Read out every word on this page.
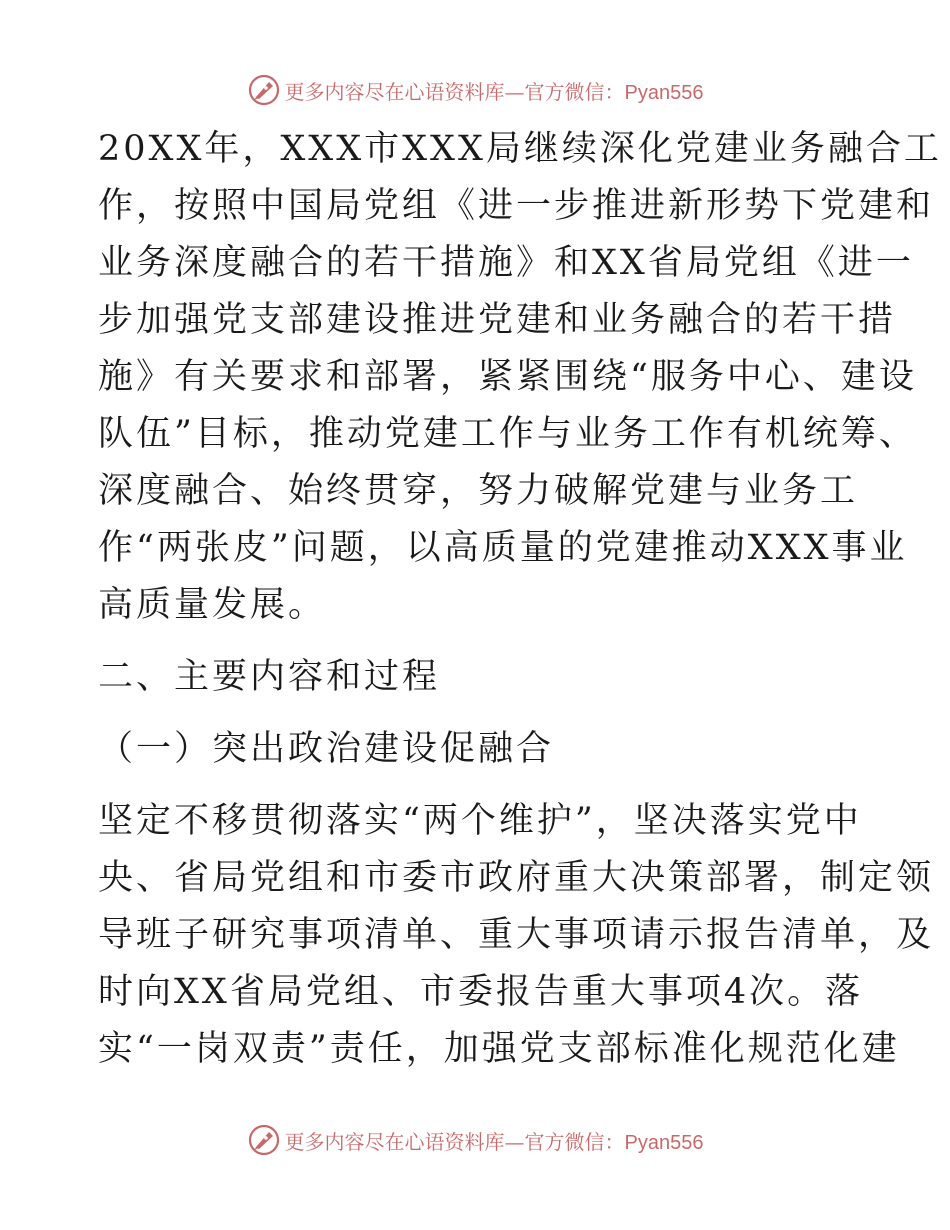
更多内容尽在心语资料库—官方微信：Pyan556
20XX年，XXX市XXX局继续深化党建业务融合工
作，按照中国局党组《进一步推进新形势下党建和
业务深度融合的若干措施》和XX省局党组《进一
步加强党支部建设推进党建和业务融合的若干措
施》有关要求和部署，紧紧围绕“服务中心、建设
队伍”目标，推动党建工作与业务工作有机统筹、
深度融合、始终贯穿，努力破解党建与业务工
作“两张皮”问题，以高质量的党建推动XXX事业
高质量发展。
二、主要内容和过程
（一）突出政治建设促融合
坚定不移贯彻落实“两个维护”，坚决落实党中
央、省局党组和市委市政府重大决策部署，制定领
导班子研究事项清单、重大事项请示报告清单，及
时向XX省局党组、市委报告重大事项4次。落
实“一岗双责”责任，加强党支部标准化规范化建
更多内容尽在心语资料库—官方微信：Pyan556
